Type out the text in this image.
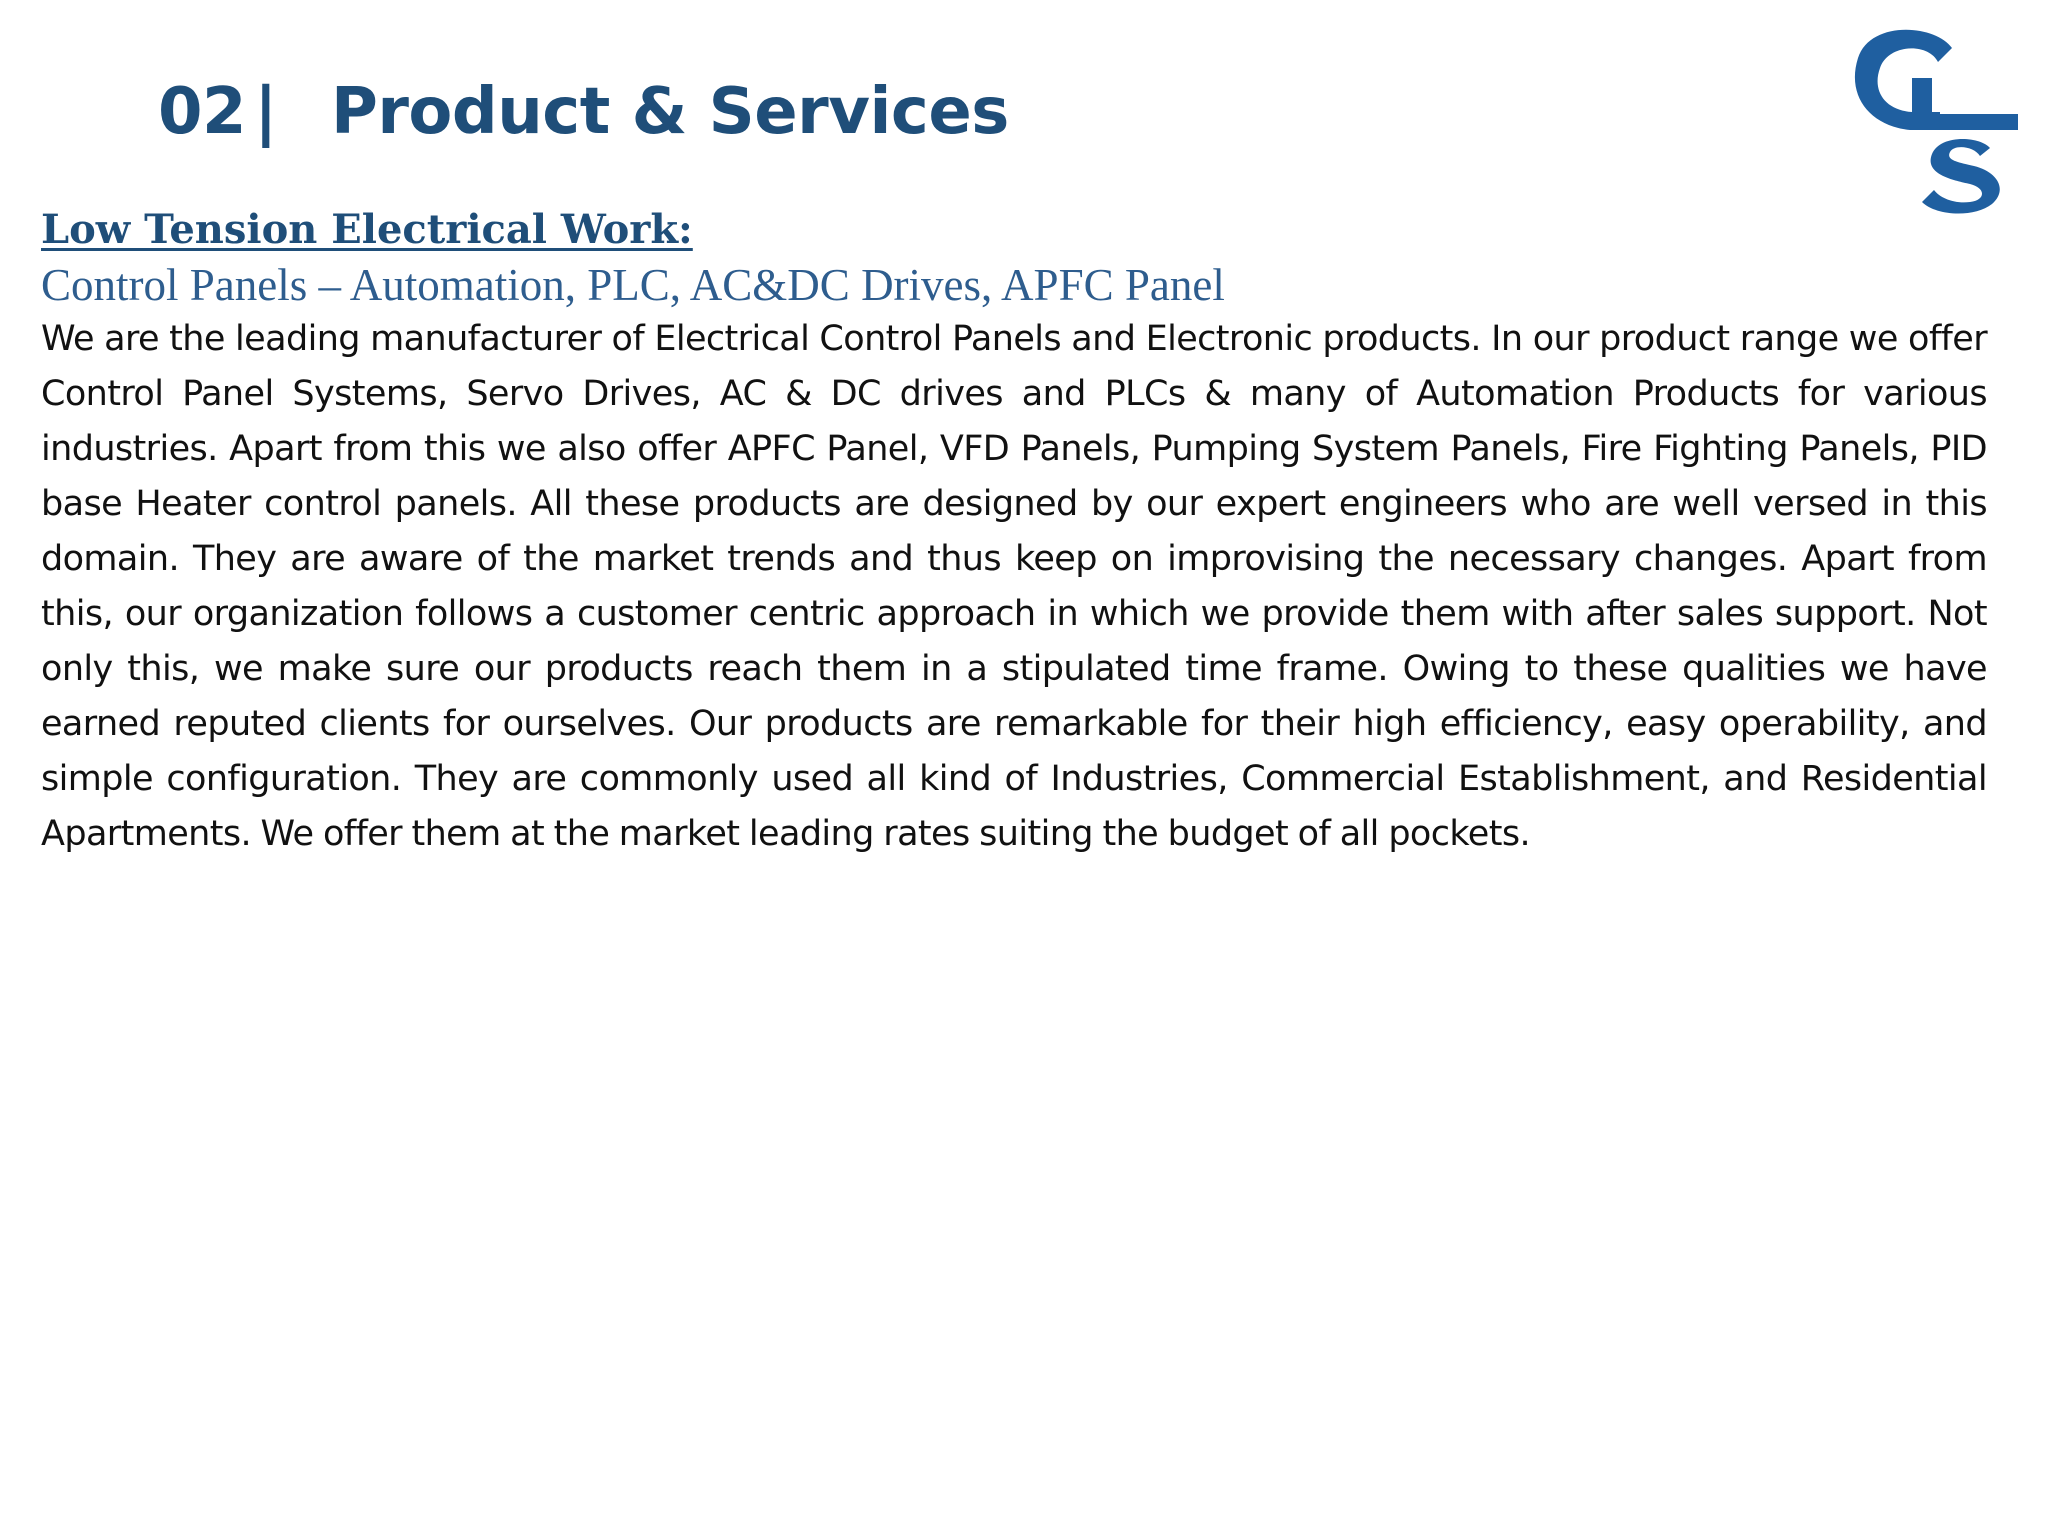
02 | Product & Services

Low Tension Electrical Work:

Control Panels – Automation, PLC, AC&DC Drives, APFC Panel

We are the leading manufacturer of Electrical Control Panels and Electronic products. In our product range we offer Control Panel Systems, Servo Drives, AC & DC drives and PLCs & many of Automation Products for various industries. Apart from this we also offer APFC Panel, VFD Panels, Pumping System Panels, Fire Fighting Panels, PID base Heater control panels. All these products are designed by our expert engineers who are well versed in this domain. They are aware of the market trends and thus keep on improvising the necessary changes. Apart from this, our organization follows a customer centric approach in which we provide them with after sales support. Not only this, we make sure our products reach them in a stipulated time frame. Owing to these qualities we have earned reputed clients for ourselves. Our products are remarkable for their high efficiency, easy operability, and simple configuration. They are commonly used all kind of Industries, Commercial Establishment, and Residential Apartments. We offer them at the market leading rates suiting the budget of all pockets.
